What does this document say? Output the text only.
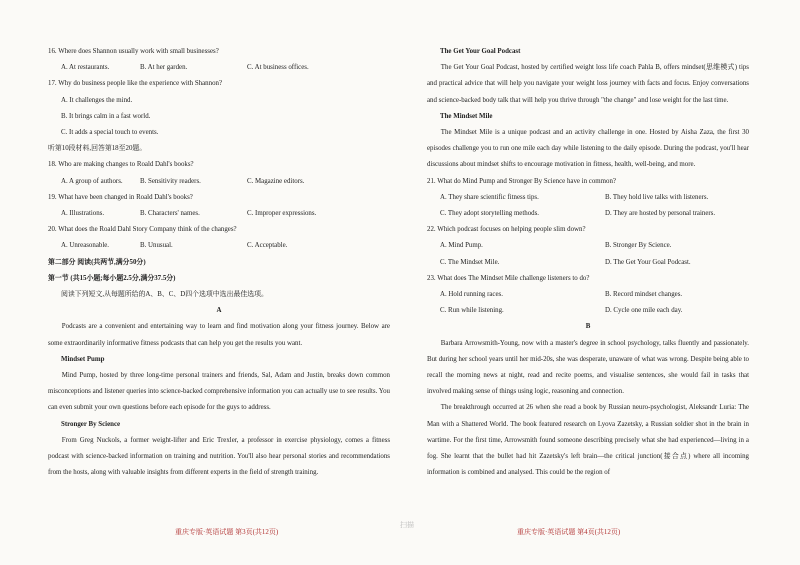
16. Where does Shannon usually work with small businesses?
A. At restaurants.	B. At her garden.	C. At business offices.
17. Why do business people like the experience with Shannon?
A. It challenges the mind.
B. It brings calm in a fast world.
C. It adds a special touch to events.
听第10段材料,回答第18至20题。
18. Who are making changes to Roald Dahl's books?
A. A group of authors.	B. Sensitivity readers.	C. Magazine editors.
19. What have been changed in Roald Dahl's books?
A. Illustrations.	B. Characters' names.	C. Improper expressions.
20. What does the Roald Dahl Story Company think of the changes?
A. Unreasonable.	B. Unusual.	C. Acceptable.
第二部分 阅读(共两节,满分50分)
第一节 (共15小题;每小题2.5分,满分37.5分)
阅读下列短文,从每题所给的A、B、C、D四个选项中选出最佳选项。
A
Podcasts are a convenient and entertaining way to learn and find motivation along your fitness journey. Below are some extraordinarily informative fitness podcasts that can help you get the results you want.
Mindset Pump
Mind Pump, hosted by three long-time personal trainers and friends, Sal, Adam and Justin, breaks down common misconceptions and listener queries into science-backed comprehensive information you can actually use to see results. You can even submit your own questions before each episode for the guys to address.
Stronger By Science
From Greg Nuckols, a former weight-lifter and Eric Trexler, a professor in exercise physiology, comes a fitness podcast with science-backed information on training and nutrition. You'll also hear personal stories and recommendations from the hosts, along with valuable insights from different experts in the field of strength training.
The Get Your Goal Podcast
The Get Your Goal Podcast, hosted by certified weight loss life coach Pahla B, offers mindset(思维模式) tips and practical advice that will help you navigate your weight loss journey with facts and focus. Enjoy conversations and science-backed body talk that will help you thrive through "the change" and lose weight for the last time.
The Mindset Mile
The Mindset Mile is a unique podcast and an activity challenge in one. Hosted by Aisha Zaza, the first 30 episodes challenge you to run one mile each day while listening to the daily episode. During the podcast, you'll hear discussions about mindset shifts to encourage motivation in fitness, health, well-being, and more.
21. What do Mind Pump and Stronger By Science have in common?
A. They share scientific fitness tips.	B. They hold live talks with listeners.
C. They adopt storytelling methods.	D. They are hosted by personal trainers.
22. Which podcast focuses on helping people slim down?
A. Mind Pump.	B. Stronger By Science.
C. The Mindset Mile.	D. The Get Your Goal Podcast.
23. What does The Mindset Mile challenge listeners to do?
A. Hold running races.	B. Record mindset changes.
C. Run while listening.	D. Cycle one mile each day.
B
Barbara Arrowsmith-Young, now with a master's degree in school psychology, talks fluently and passionately. But during her school years until her mid-20s, she was desperate, unaware of what was wrong. Despite being able to recall the morning news at night, read and recite poems, and visualise sentences, she would fail in tasks that involved making sense of things using logic, reasoning and connection.
The breakthrough occurred at 26 when she read a book by Russian neuro-psychologist, Aleksandr Luria: The Man with a Shattered World. The book featured research on Lyova Zazetsky, a Russian soldier shot in the brain in wartime. For the first time, Arrowsmith found someone describing precisely what she had experienced—living in a fog. She learnt that the bullet had hit Zazetsky's left brain—the critical junction(接合点) where all incoming information is combined and analysed. This could be the region of
重庆专版·英语试题 第3页(共12页)
扫描
重庆专版·英语试题 第4页(共12页)
